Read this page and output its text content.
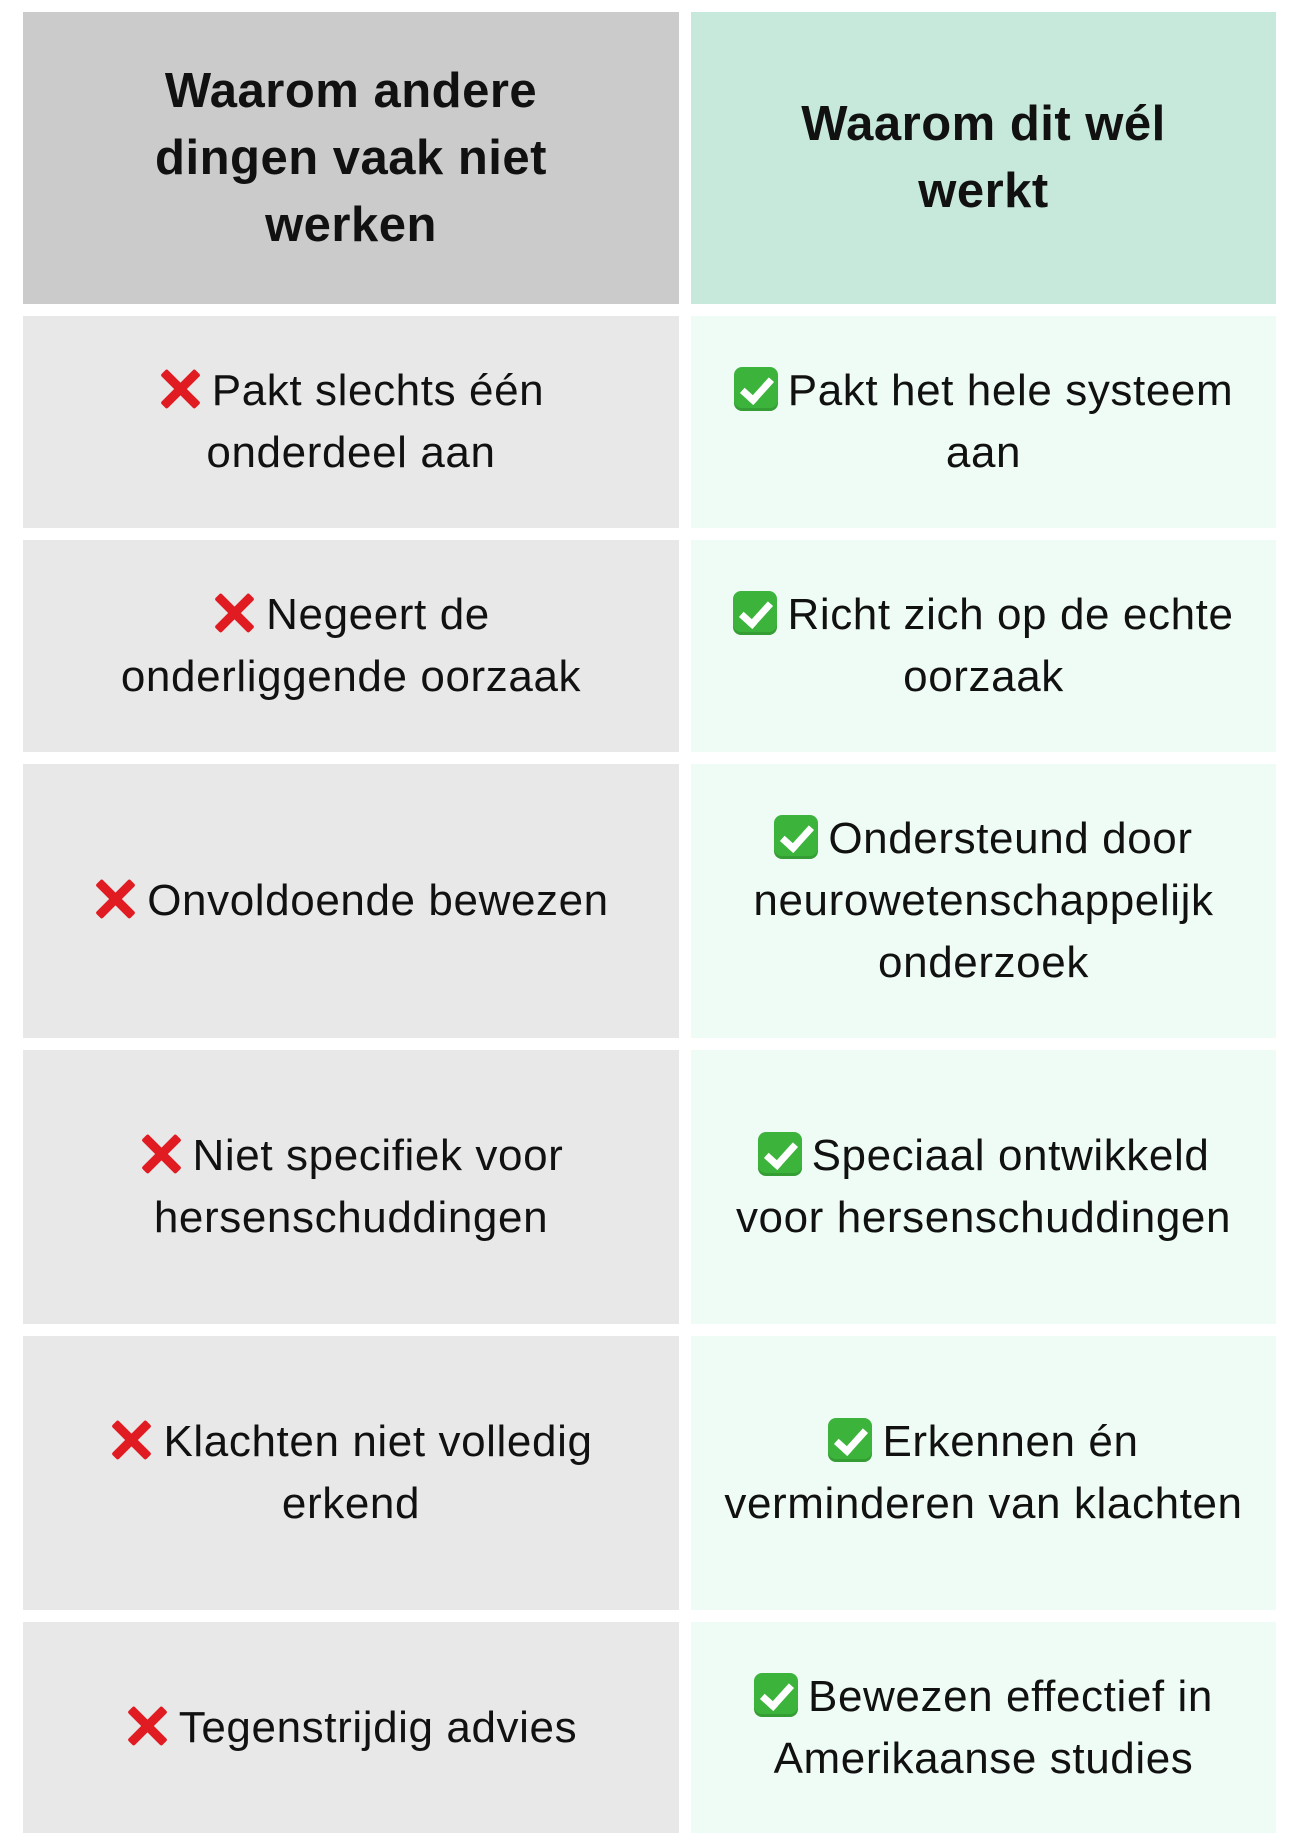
Waarom andere dingen vaak niet werken
Waarom dit wél werkt
Pakt slechts één onderdeel aan
Pakt het hele systeem aan
Negeert de onderliggende oorzaak
Richt zich op de echte oorzaak
Onvoldoende bewezen
Ondersteund door neurowetenschappelijk onderzoek
Niet specifiek voor hersenschuddingen
Speciaal ontwikkeld voor hersenschuddingen
Klachten niet volledig erkend
Erkennen én verminderen van klachten
Tegenstrijdig advies
Bewezen effectief in Amerikaanse studies
